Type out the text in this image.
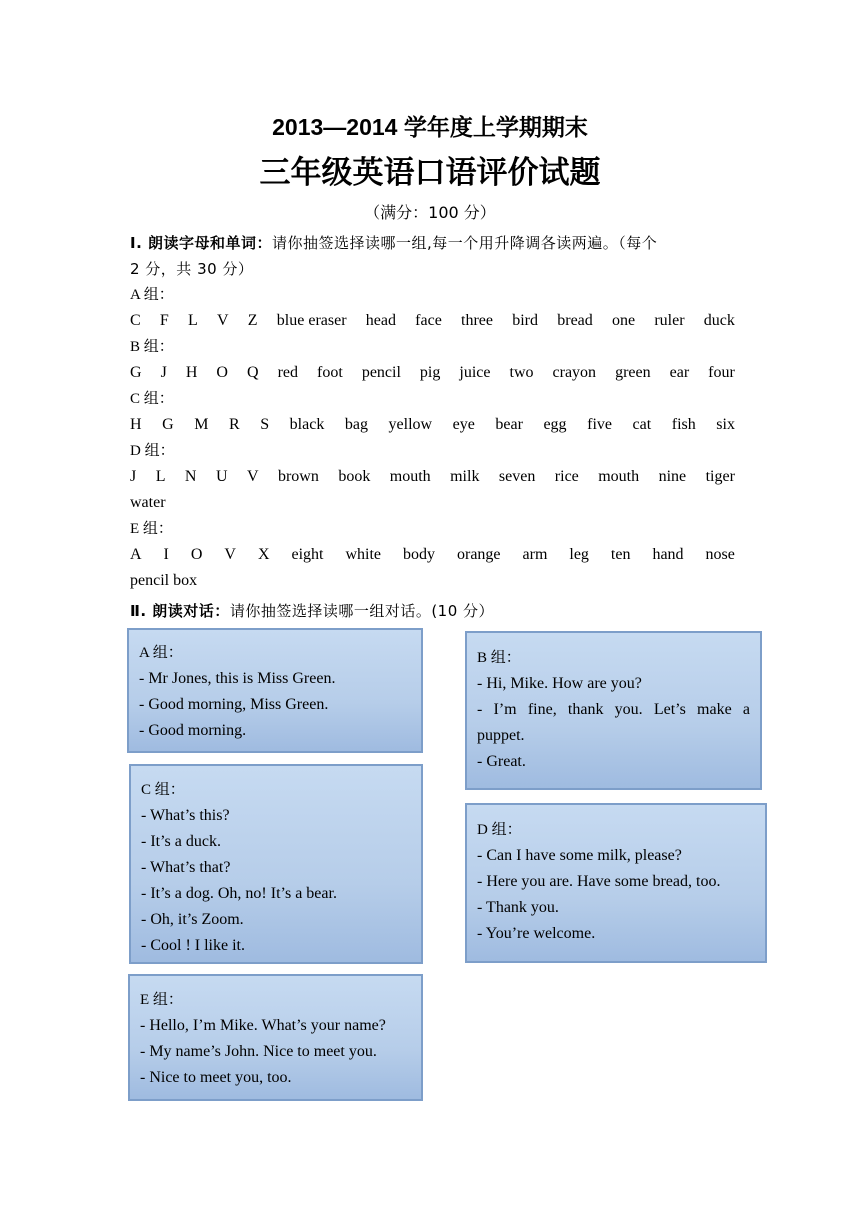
2013—2014 学年度上学期期末
三年级英语口语评价试题
（满分：100 分）
Ⅰ. 朗读字母和单词：请你抽签选择读哪一组,每一个用升降调各读两遍。（每个
2 分，共 30 分）
A 组：
C F L V Z blue eraser head face three bird bread one ruler duck
B 组：
G J H O Q red foot pencil pig juice two crayon green ear four
C 组：
H G M R S black bag yellow eye bear egg five cat fish six
D 组：
J L N U V brown book mouth milk seven rice mouth nine tiger
water
E 组：
A I O V X eight white body orange arm leg ten hand nose
pencil box
Ⅱ. 朗读对话：请你抽签选择读哪一组对话。(10 分）
A 组：
- Mr Jones, this is Miss Green.
- Good morning, Miss Green.
- Good morning.
B 组：
- Hi, Mike. How are you?
- I’m fine, thank you. Let’s make a puppet.
- Great.
C 组：
- What’s this?
- It’s a duck.
- What’s that?
- It’s a dog. Oh, no! It’s a bear.
- Oh, it’s Zoom.
- Cool ! I like it.
D 组：
- Can I have some milk, please?
- Here you are. Have some bread, too.
- Thank you.
- You’re welcome.
E 组：
- Hello, I’m Mike. What’s your name?
- My name’s John. Nice to meet you.
- Nice to meet you, too.
